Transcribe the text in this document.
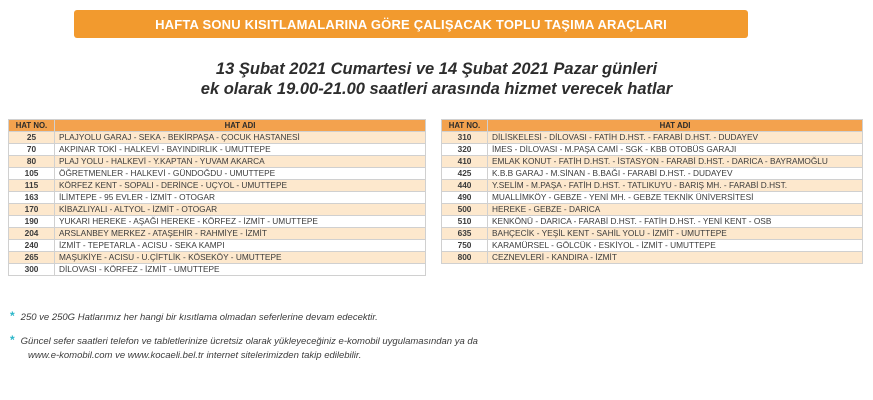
HAFTA SONU KISITLAMALARINA GÖRE ÇALIŞACAK TOPLU TAŞIMA ARAÇLARI
13 Şubat 2021 Cumartesi ve 14 Şubat 2021 Pazar günleri
ek olarak 19.00-21.00 saatleri arasında hizmet verecek hatlar
HAT NO.	HAT ADI
25	PLAJYOLU GARAJ - SEKA - BEKİRPAŞA - ÇOCUK HASTANESİ
70	AKPINAR TOKİ - HALKEVİ - BAYINDIRLIK - UMUTTEPE
80	PLAJ YOLU - HALKEVİ - Y.KAPTAN - YUVAM AKARCA
105	ÖĞRETMENLER - HALKEVİ - GÜNDOĞDU - UMUTTEPE
115	KÖRFEZ KENT - SOPALI - DERİNCE - UÇYOL - UMUTTEPE
163	İLİMTEPE - 95 EVLER - İZMİT - OTOGAR
170	KİBAZLIYALI - ALTYOL - İZMİT - OTOGAR
190	YUKARI HEREKE - AŞAĞI HEREKE - KÖRFEZ - İZMİT - UMUTTEPE
204	ARSLANBEY MERKEZ - ATAŞEHİR - RAHMİYE - İZMİT
240	İZMİT - TEPETARLA - ACISU - SEKA KAMPI
265	MAŞUKİYE - ACISU - U.ÇİFTLİK - KÖSEKÖY - UMUTTEPE
300	DİLOVASI - KÖRFEZ - İZMİT - UMUTTEPE
HAT NO.	HAT ADI
310	DİLİSKELESİ - DİLOVASI - FATİH D.HST. - FARABİ D.HST. - DUDAYEV
320	İMES - DİLOVASI - M.PAŞA CAMİ - SGK - KBB OTOBÜS GARAJI
410	EMLAK KONUT - FATİH D.HST. - İSTASYON - FARABİ D.HST. - DARICA - BAYRAMOĞLU
425	K.B.B GARAJ - M.SİNAN - B.BAĞI - FARABİ D.HST. - DUDAYEV
440	Y.SELİM - M.PAŞA - FATİH D.HST. - TATLIKUYU - BARIŞ MH. - FARABİ D.HST.
490	MUALLİMKÖY - GEBZE - YENİ MH. - GEBZE TEKNİK ÜNİVERSİTESİ
500	HEREKE - GEBZE - DARICA
510	KENKÖNÜ - DARICA - FARABİ D.HST. - FATİH D.HST. - YENİ KENT - OSB
635	BAHÇECİK - YEŞİL KENT - SAHİL YOLU - İZMİT - UMUTTEPE
750	KARAMÜRSEL - GÖLCÜK - ESKİYOL - İZMİT - UMUTTEPE
800	CEZNEVLERİ - KANDIRA - İZMİT
* 250 ve 250G Hatlarımız her hangi bir kısıtlama olmadan seferlerine devam edecektir.
* Güncel sefer saatleri telefon ve tabletlerinize ücretsiz olarak yükleyeceğiniz e-komobil uygulamasından ya da
www.e-komobil.com ve www.kocaeli.bel.tr internet sitelerimizden takip edilebilir.
